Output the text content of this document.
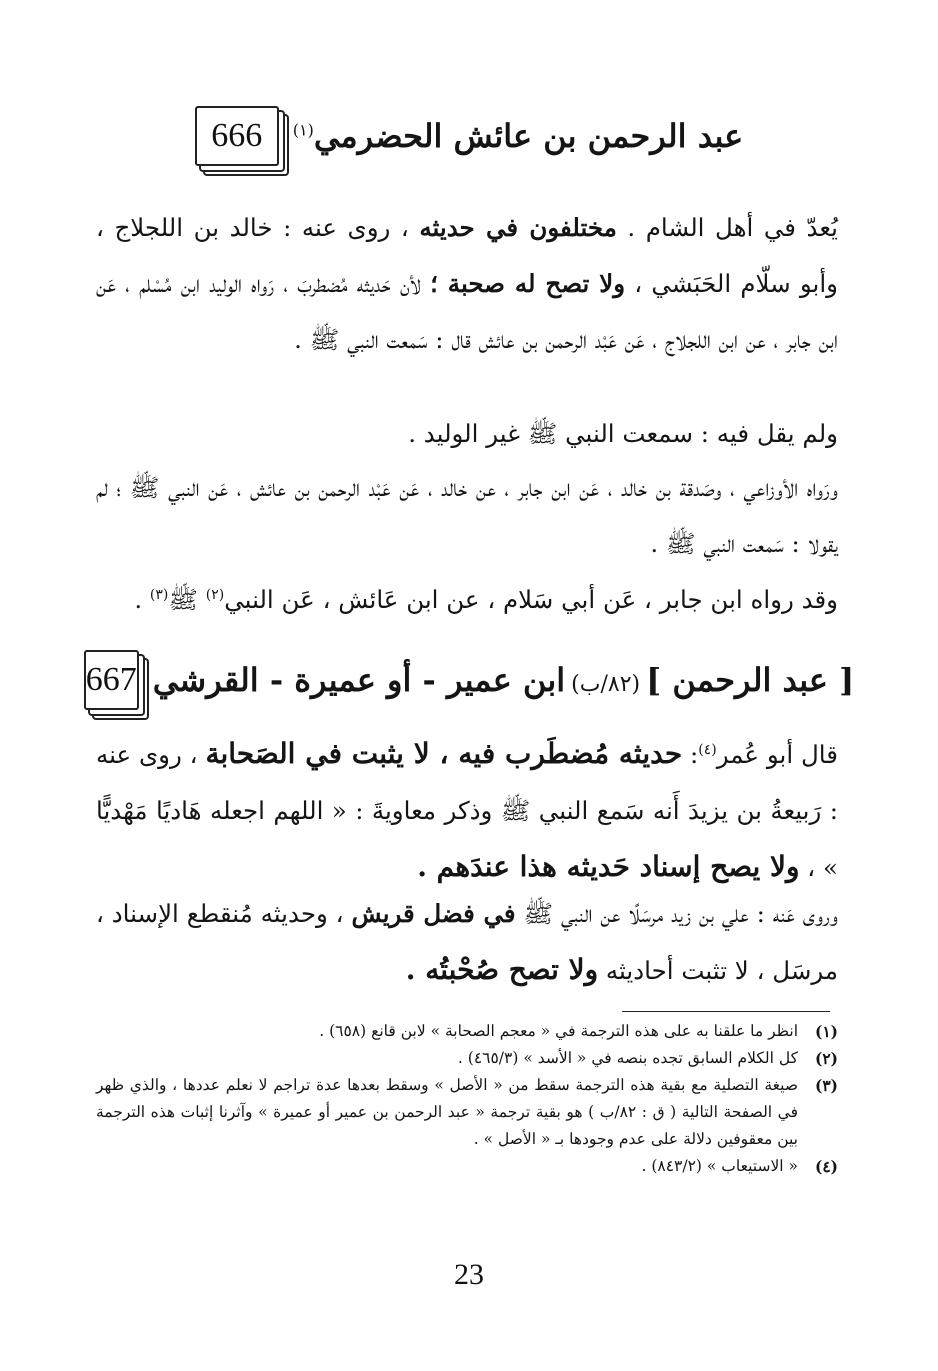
666	عبد الرحمن بن عائش الحضرمي$^{(١)}$
يُعدّ في أهل الشام . مختلفون في حديثه ، روى عنه : خالد بن اللجلاج ، وأبو سلّام الحَبَشي ، ولا تصح له صحبة ؛ لأن حَديثه مُضطربَ ، رَواه الوليد ابن مُسْلم ، عَن ابن جابر ، عن ابن اللجلاج ، عَن عَبْد الرحمن بن عائش قال : سَمعت النبي ﷺ .
ولم يقل فيه : سمعت النبي ﷺ غير الوليد .
ورَواه الأوزاعي ، وصَدقة بن خالد ، عَن ابن جابر ، عن خالد ، عَن عَبْد الرحمن بن عائش ، عَن النبي ﷺ ؛ لم يقولا : سَمعت النبي ﷺ .
وقد رواه ابن جابر ، عَن أبي سَلام ، عن ابن عَائش ، عَن النبي$^{(٢)}$ ﷺ$^{(٣)}$ .
667	[ عبد الرحمن ](٨٢/ب)ابن عمير - أو عميرة - القرشي
قال أبو عُمر$^{(٤)}$: حديثه مُضطَرب فيه ، لا يثبت في الصَحابة ، روى عنه : رَبيعةُ بن يزيدَ أَنه سَمع النبي ﷺ وذكر معاويةَ : « اللهم اجعله هَاديًا مَهْديًّا » ، ولا يصح إسناد حَديثه هذا عندَهم .
وروى عَنه : علي بن زيد مرسَلًا عن النبي ﷺ في فضل قريش ، وحديثه مُنقطع الإسناد ، مرسَل ، لا تثبت أحاديثه ولا تصح صُحْبتُه .
(١)
انظر ما علقنا به على هذه الترجمة في « معجم الصحابة » لابن قانع (٦٥٨) .
(٢)
كل الكلام السابق تجده بنصه في « الأسد » (٤٦٥/٣) .
(٣)
صيغة التصلية مع بقية هذه الترجمة سقط من « الأصل » وسقط بعدها عدة تراجم لا نعلم عددها ، والذي ظهر في الصفحة التالية ( ق : ٨٢/ب ) هو بقية ترجمة « عبد الرحمن بن عمير أو عميرة » وآثرنا إثبات هذه الترجمة بين معقوفين دلالة على عدم وجودها بـ « الأصل » .
(٤)
« الاستيعاب » (٨٤٣/٢) .
23
